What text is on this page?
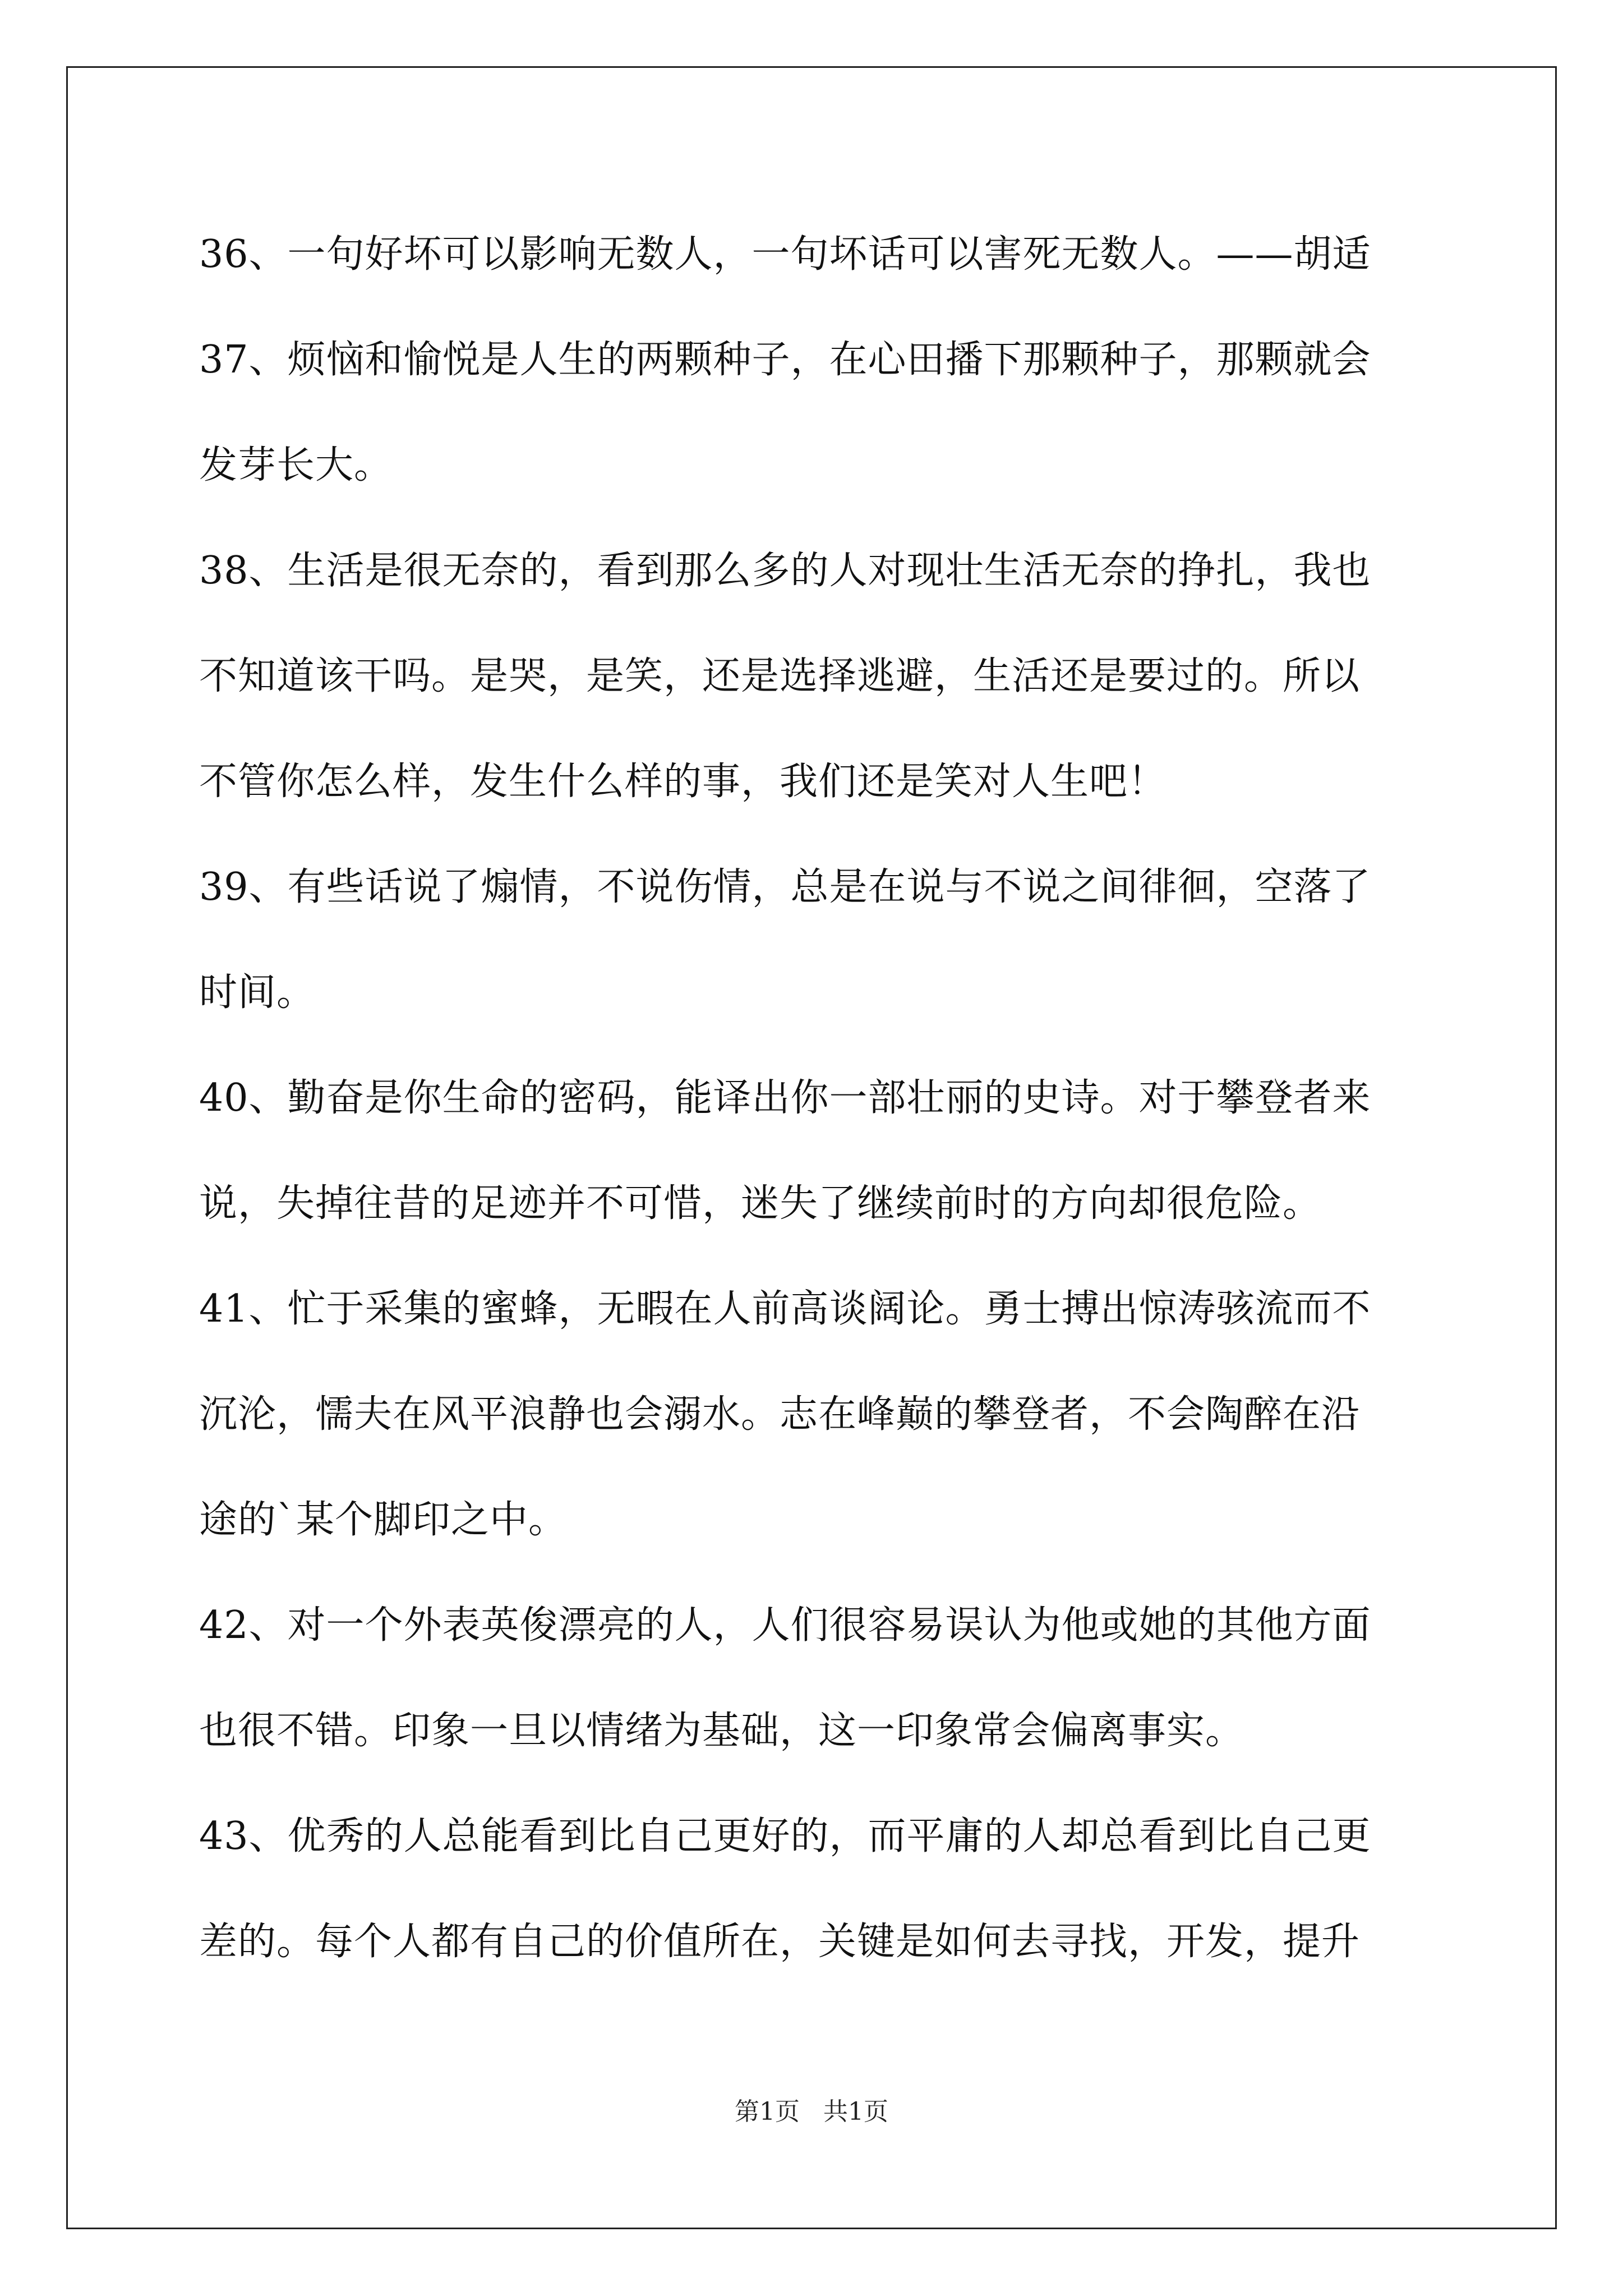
36、一句好坏可以影响无数人，一句坏话可以害死无数人。——胡适
37、烦恼和愉悦是人生的两颗种子，在心田播下那颗种子，那颗就会
发芽长大。
38、生活是很无奈的，看到那么多的人对现壮生活无奈的挣扎，我也
不知道该干吗。是哭，是笑，还是选择逃避，生活还是要过的。所以
不管你怎么样，发生什么样的事，我们还是笑对人生吧！
39、有些话说了煽情，不说伤情，总是在说与不说之间徘徊，空落了
时间。
40、勤奋是你生命的密码，能译出你一部壮丽的史诗。对于攀登者来
说，失掉往昔的足迹并不可惜，迷失了继续前时的方向却很危险。
41、忙于采集的蜜蜂，无暇在人前高谈阔论。勇士搏出惊涛骇流而不
沉沦，懦夫在风平浪静也会溺水。志在峰巅的攀登者，不会陶醉在沿
途的`某个脚印之中。
42、对一个外表英俊漂亮的人，人们很容易误认为他或她的其他方面
也很不错。印象一旦以情绪为基础，这一印象常会偏离事实。
43、优秀的人总能看到比自己更好的，而平庸的人却总看到比自己更
差的。每个人都有自己的价值所在，关键是如何去寻找，开发，提升
第1页   共1页
